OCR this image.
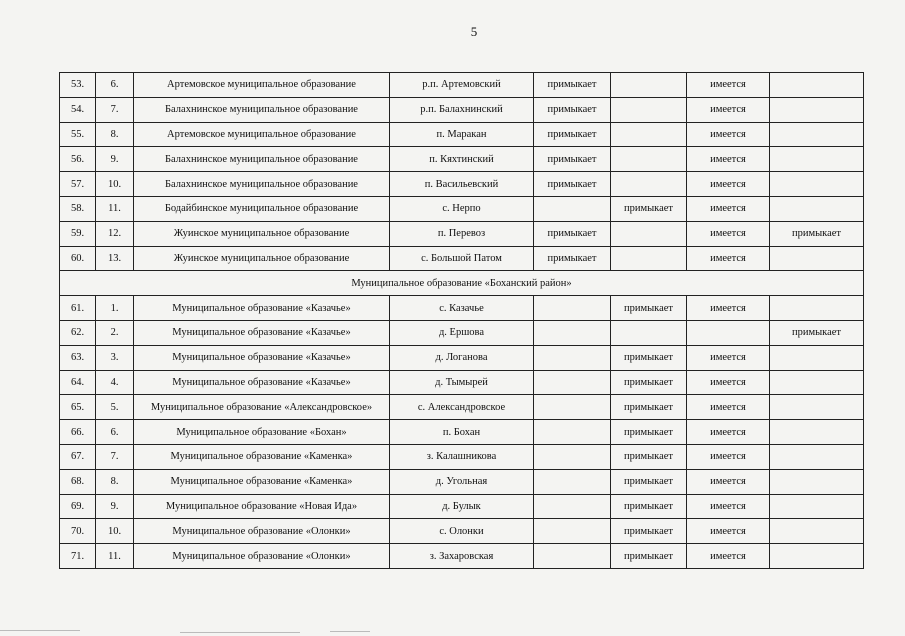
5
53.	6.	Артемовское муниципальное образование	р.п. Артемовский	примыкает		имеется	
54.	7.	Балахнинское муниципальное образование	р.п. Балахнинский	примыкает		имеется	
55.	8.	Артемовское муниципальное образование	п. Маракан	примыкает		имеется	
56.	9.	Балахнинское муниципальное образование	п. Кяхтинский	примыкает		имеется	
57.	10.	Балахнинское муниципальное образование	п. Васильевский	примыкает		имеется	
58.	11.	Бодайбинское муниципальное образование	с. Нерпо		примыкает	имеется	
59.	12.	Жуинское муниципальное образование	п. Перевоз	примыкает		имеется	примыкает
60.	13.	Жуинское муниципальное образование	с. Большой Патом	примыкает		имеется	
Муниципальное образование «Боханский район»							
61.	1.	Муниципальное образование «Казачье»	с. Казачье		примыкает	имеется	
62.	2.	Муниципальное образование «Казачье»	д. Ершова				примыкает
63.	3.	Муниципальное образование «Казачье»	д. Логанова		примыкает	имеется	
64.	4.	Муниципальное образование «Казачье»	д. Тымырей		примыкает	имеется	
65.	5.	Муниципальное образование «Александровское»	с. Александровское		примыкает	имеется	
66.	6.	Муниципальное образование «Бохан»	п. Бохан		примыкает	имеется	
67.	7.	Муниципальное образование «Каменка»	з. Калашникова		примыкает	имеется	
68.	8.	Муниципальное образование «Каменка»	д. Угольная		примыкает	имеется	
69.	9.	Муниципальное образование «Новая Ида»	д. Булык		примыкает	имеется	
70.	10.	Муниципальное образование «Олонки»	с. Олонки		примыкает	имеется	
71.	11.	Муниципальное образование «Олонки»	з. Захаровская		примыкает	имеется	
